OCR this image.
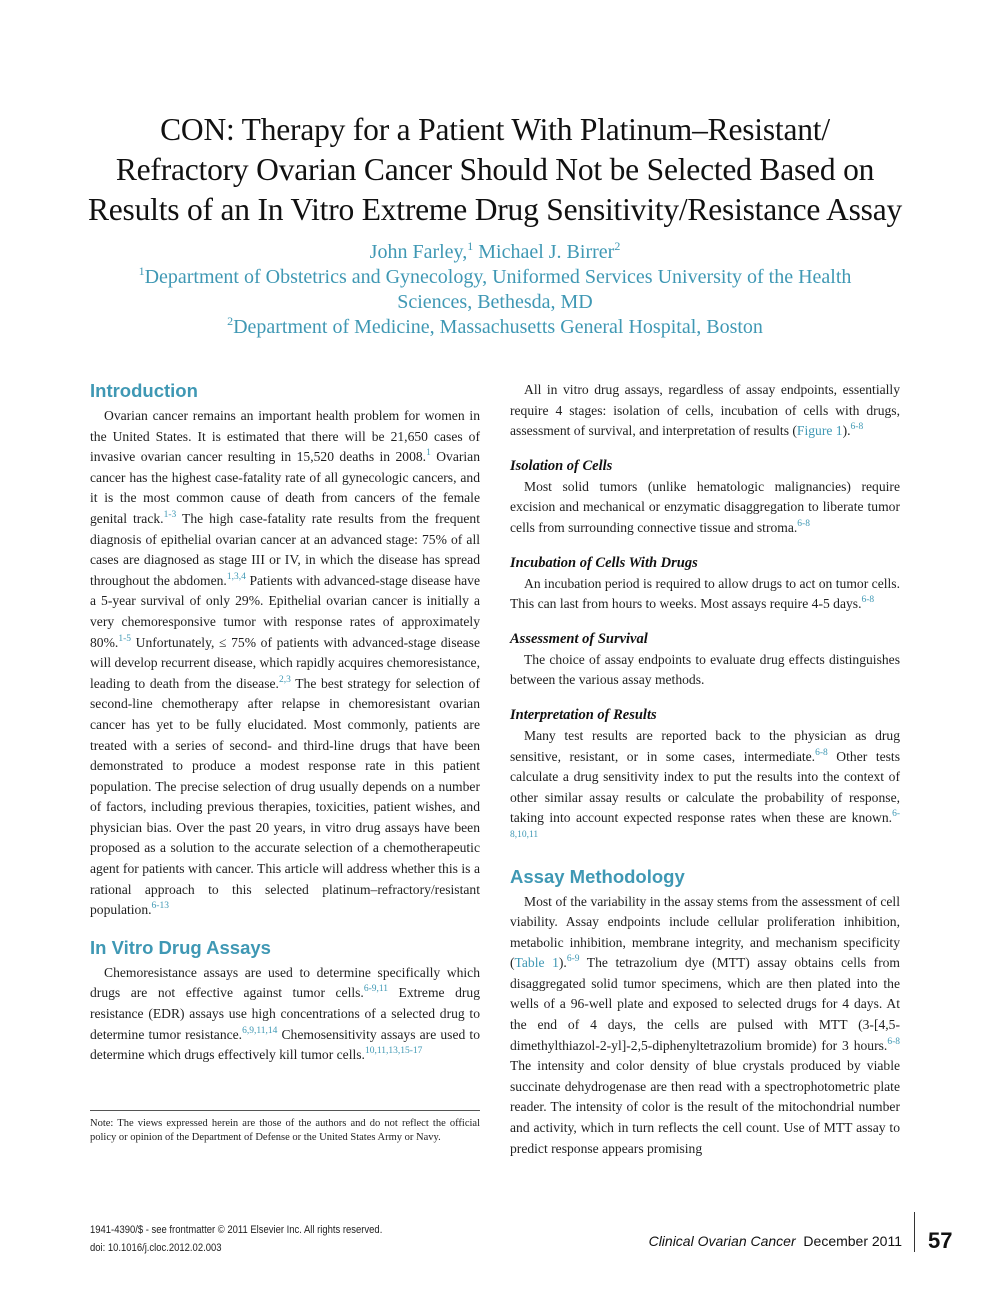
CON: Therapy for a Patient With Platinum–Resistant/
Refractory Ovarian Cancer Should Not be Selected Based on
Results of an In Vitro Extreme Drug Sensitivity/Resistance Assay
John Farley,$^1$ Michael J. Birrer$^2$
$^1$Department of Obstetrics and Gynecology, Uniformed Services University of the Health
Sciences, Bethesda, MD
$^2$Department of Medicine, Massachusetts General Hospital, Boston
Introduction

Ovarian cancer remains an important health problem for women in the United States. It is estimated that there will be 21,650 cases of invasive ovarian cancer resulting in 15,520 deaths in 2008.$^1$ Ovarian cancer has the highest case-fatality rate of all gynecologic cancers, and it is the most common cause of death from cancers of the female genital track.$^{1-3}$ The high case-fatality rate results from the frequent diagnosis of epithelial ovarian cancer at an advanced stage: 75% of all cases are diagnosed as stage III or IV, in which the disease has spread throughout the abdomen.$^{1,3,4}$ Patients with advanced-stage disease have a 5-year survival of only 29%. Epithelial ovarian cancer is initially a very chemoresponsive tumor with response rates of approximately 80%.$^{1-5}$ Unfortunately, ≤ 75% of patients with advanced-stage disease will develop recurrent disease, which rapidly acquires chemoresistance, leading to death from the disease.$^{2,3}$ The best strategy for selection of second-line chemotherapy after relapse in chemoresistant ovarian cancer has yet to be fully elucidated. Most commonly, patients are treated with a series of second- and third-line drugs that have been demonstrated to produce a modest response rate in this patient population. The precise selection of drug usually depends on a number of factors, including previous therapies, toxicities, patient wishes, and physician bias. Over the past 20 years, in vitro drug assays have been proposed as a solution to the accurate selection of a chemotherapeutic agent for patients with cancer. This article will address whether this is a rational approach to this selected platinum–refractory/resistant population.$^{6-13}$

In Vitro Drug Assays

Chemoresistance assays are used to determine specifically which drugs are not effective against tumor cells.$^{6-9,11}$ Extreme drug resistance (EDR) assays use high concentrations of a selected drug to determine tumor resistance.$^{6,9,11,14}$ Chemosensitivity assays are used to determine which drugs effectively kill tumor cells.$^{10,11,13,15-17}$

Note: The views expressed herein are those of the authors and do not reflect the official policy or opinion of the Department of Defense or the United States Army or Navy.

All in vitro drug assays, regardless of assay endpoints, essentially require 4 stages: isolation of cells, incubation of cells with drugs, assessment of survival, and interpretation of results (Figure 1).$^{6-8}$

Isolation of Cells

Most solid tumors (unlike hematologic malignancies) require excision and mechanical or enzymatic disaggregation to liberate tumor cells from surrounding connective tissue and stroma.$^{6-8}$

Incubation of Cells With Drugs

An incubation period is required to allow drugs to act on tumor cells. This can last from hours to weeks. Most assays require 4-5 days.$^{6-8}$

Assessment of Survival

The choice of assay endpoints to evaluate drug effects distinguishes between the various assay methods.

Interpretation of Results

Many test results are reported back to the physician as drug sensitive, resistant, or in some cases, intermediate.$^{6-8}$ Other tests calculate a drug sensitivity index to put the results into the context of other similar assay results or calculate the probability of response, taking into account expected response rates when these are known.$^{6-8,10,11}$

Assay Methodology

Most of the variability in the assay stems from the assessment of cell viability. Assay endpoints include cellular proliferation inhibition, metabolic inhibition, membrane integrity, and mechanism specificity (Table 1).$^{6-9}$ The tetrazolium dye (MTT) assay obtains cells from disaggregated solid tumor specimens, which are then plated into the wells of a 96-well plate and exposed to selected drugs for 4 days. At the end of 4 days, the cells are pulsed with MTT (3-[4,5-dimethylthiazol-2-yl]-2,5-diphenyltetrazolium bromide) for 3 hours.$^{6-8}$ The intensity and color density of blue crystals produced by viable succinate dehydrogenase are then read with a spectrophotometric plate reader. The intensity of color is the result of the mitochondrial number and activity, which in turn reflects the cell count. Use of MTT assay to predict response appears promising

1941-4390/$ - see frontmatter © 2011 Elsevier Inc. All rights reserved.
doi: 10.1016/j.cloc.2012.02.003	Clinical Ovarian Cancer December 2011 57
